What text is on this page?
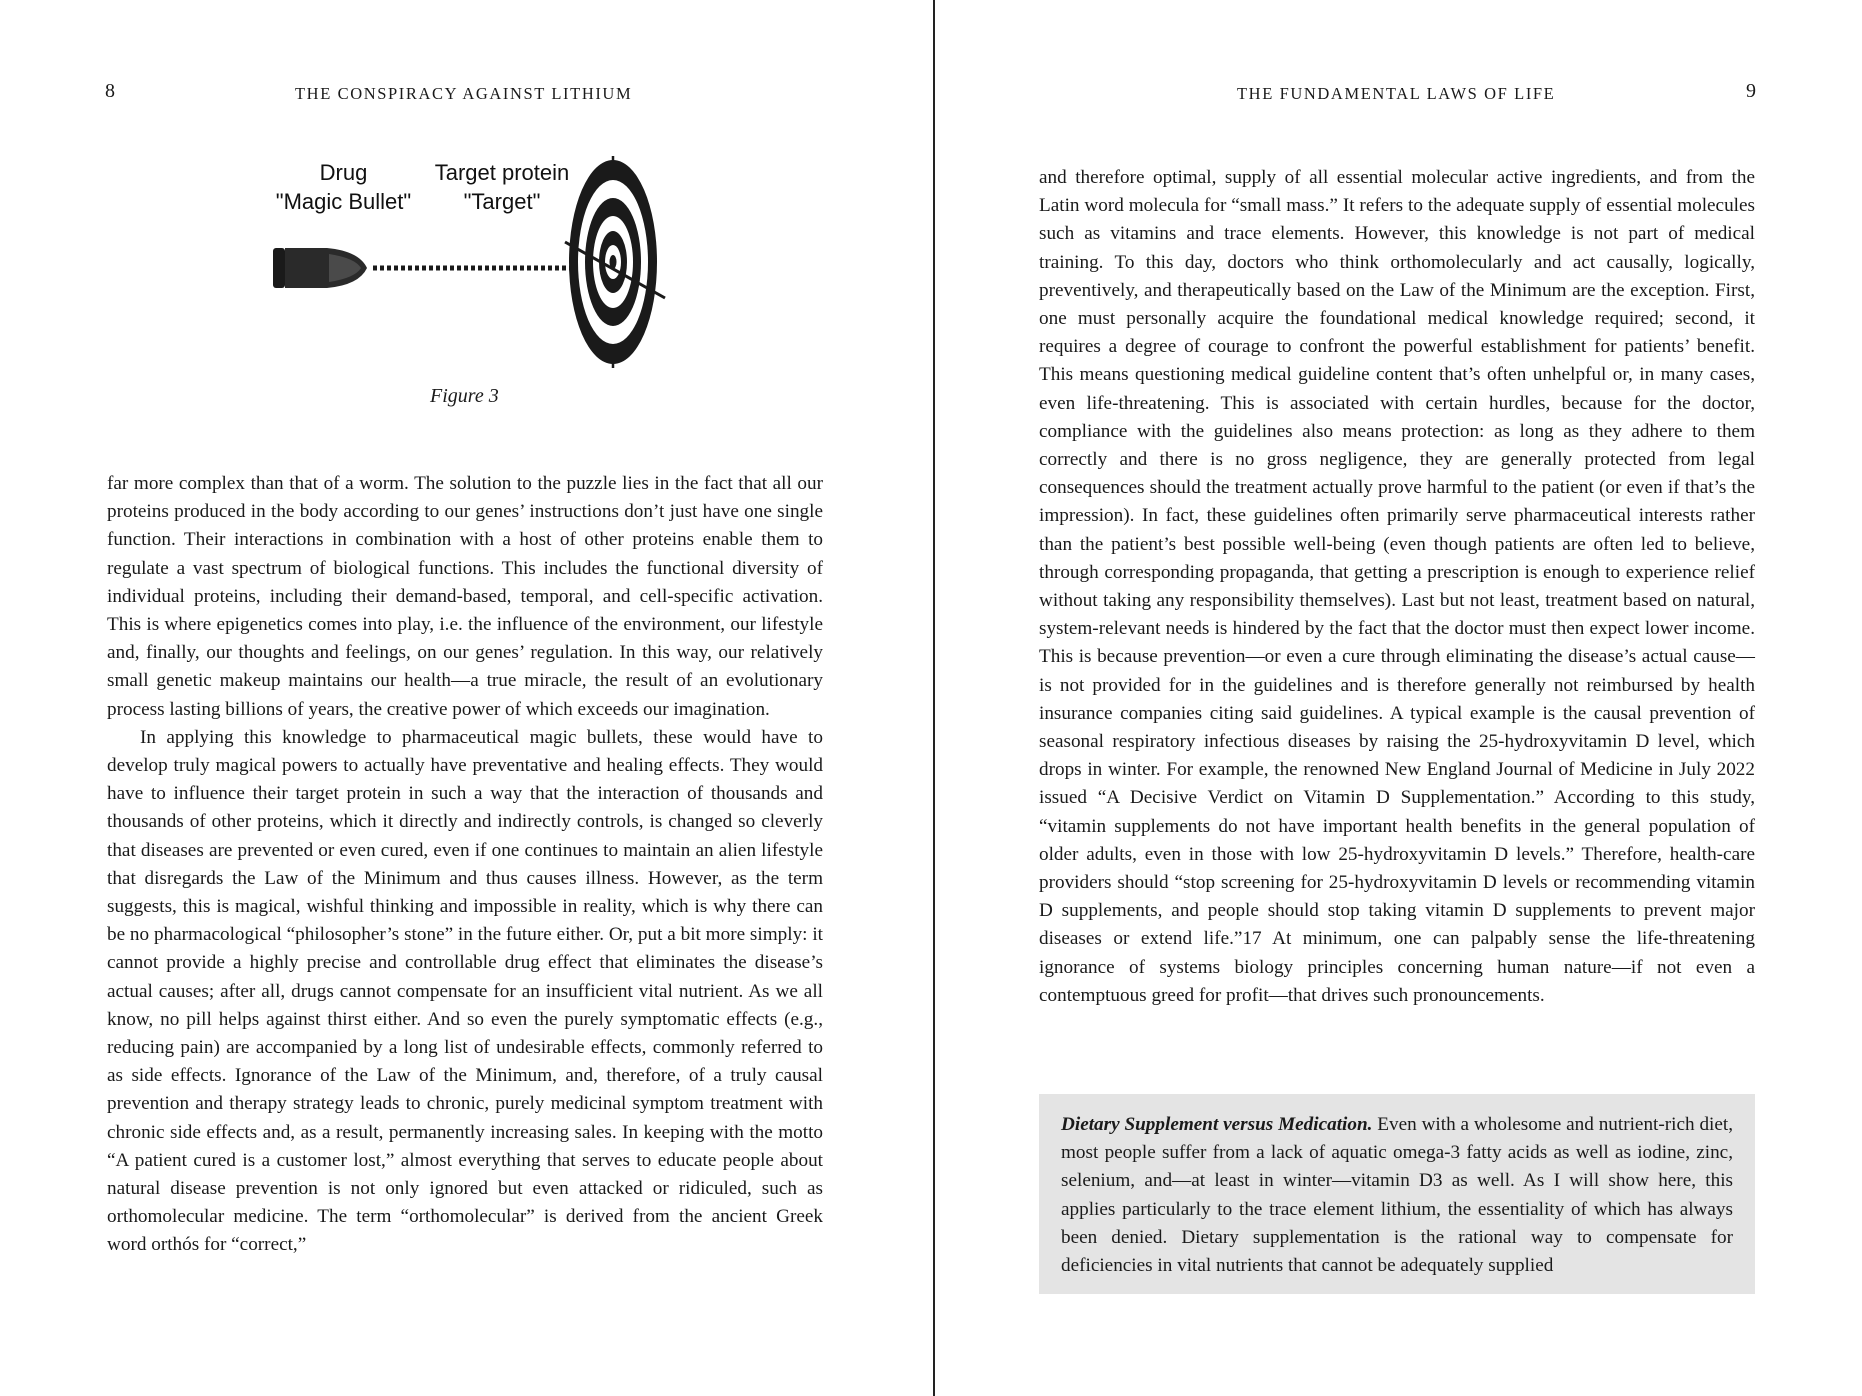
8	THE CONSPIRACY AGAINST LITHIUM
Drug
"Magic Bullet"
Target protein
"Target"
Figure 3

far more complex than that of a worm. The solution to the puzzle lies in the fact that all our proteins produced in the body according to our genes’ instructions don’t just have one single function. Their interactions in combination with a host of other proteins enable them to regulate a vast spectrum of biological functions. This includes the functional diversity of individual proteins, including their demand-based, temporal, and cell-specific activation. This is where epigenetics comes into play, i.e. the influence of the environment, our lifestyle and, finally, our thoughts and feelings, on our genes’ regulation. In this way, our relatively small genetic makeup maintains our health—a true miracle, the result of an evolutionary process lasting billions of years, the creative power of which exceeds our imagination.

In applying this knowledge to pharmaceutical magic bullets, these would have to develop truly magical powers to actually have preventative and healing effects. They would have to influence their target protein in such a way that the interaction of thousands and thousands of other proteins, which it directly and indirectly controls, is changed so cleverly that diseases are prevented or even cured, even if one continues to maintain an alien lifestyle that disregards the Law of the Minimum and thus causes illness. However, as the term suggests, this is magical, wishful thinking and impossible in reality, which is why there can be no pharmacological “philosopher’s stone” in the future either. Or, put a bit more simply: it cannot provide a highly precise and controllable drug effect that eliminates the disease’s actual causes; after all, drugs cannot compensate for an insufficient vital nutrient. As we all know, no pill helps against thirst either. And so even the purely symptomatic effects (e.g., reducing pain) are accompanied by a long list of undesirable effects, commonly referred to as side effects. Ignorance of the Law of the Minimum, and, therefore, of a truly causal prevention and therapy strategy leads to chronic, purely medicinal symptom treatment with chronic side effects and, as a result, permanently increasing sales. In keeping with the motto “A patient cured is a customer lost,” almost everything that serves to educate people about natural disease prevention is not only ignored but even attacked or ridiculed, such as orthomolecular medicine. The term “orthomolecular” is derived from the ancient Greek word orthós for “correct,”

THE FUNDAMENTAL LAWS OF LIFE	9

and therefore optimal, supply of all essential molecular active ingredients, and from the Latin word molecula for “small mass.” It refers to the adequate supply of essential molecules such as vitamins and trace elements. However, this knowledge is not part of medical training. To this day, doctors who think orthomolecularly and act causally, logically, preventively, and therapeutically based on the Law of the Minimum are the exception. First, one must personally acquire the foundational medical knowledge required; second, it requires a degree of courage to confront the powerful establishment for patients’ benefit. This means questioning medical guideline content that’s often unhelpful or, in many cases, even life-threatening. This is associated with certain hurdles, because for the doctor, compliance with the guidelines also means protection: as long as they adhere to them correctly and there is no gross negligence, they are generally protected from legal consequences should the treatment actually prove harmful to the patient (or even if that’s the impression). In fact, these guidelines often primarily serve pharmaceutical interests rather than the patient’s best possible well-being (even though patients are often led to believe, through corresponding propaganda, that getting a prescription is enough to experience relief without taking any responsibility themselves). Last but not least, treatment based on natural, system-relevant needs is hindered by the fact that the doctor must then expect lower income. This is because prevention—or even a cure through eliminating the disease’s actual cause—is not provided for in the guidelines and is therefore generally not reimbursed by health insurance companies citing said guidelines. A typical example is the causal prevention of seasonal respiratory infectious diseases by raising the 25-hydroxyvitamin D level, which drops in winter. For example, the renowned New England Journal of Medicine in July 2022 issued “A Decisive Verdict on Vitamin D Supplementation.” According to this study, “vitamin supplements do not have important health benefits in the general population of older adults, even in those with low 25-hydroxyvitamin D levels.” Therefore, health-care providers should “stop screening for 25-hydroxyvitamin D levels or recommending vitamin D supplements, and people should stop taking vitamin D supplements to prevent major diseases or extend life.”17 At minimum, one can palpably sense the life-threatening ignorance of systems biology principles concerning human nature—if not even a contemptuous greed for profit—that drives such pronouncements.

Dietary Supplement versus Medication. Even with a wholesome and nutrient-rich diet, most people suffer from a lack of aquatic omega-3 fatty acids as well as iodine, zinc, selenium, and—at least in winter—vitamin D3 as well. As I will show here, this applies particularly to the trace element lithium, the essentiality of which has always been denied. Dietary supplementation is the rational way to compensate for deficiencies in vital nutrients that cannot be adequately supplied
